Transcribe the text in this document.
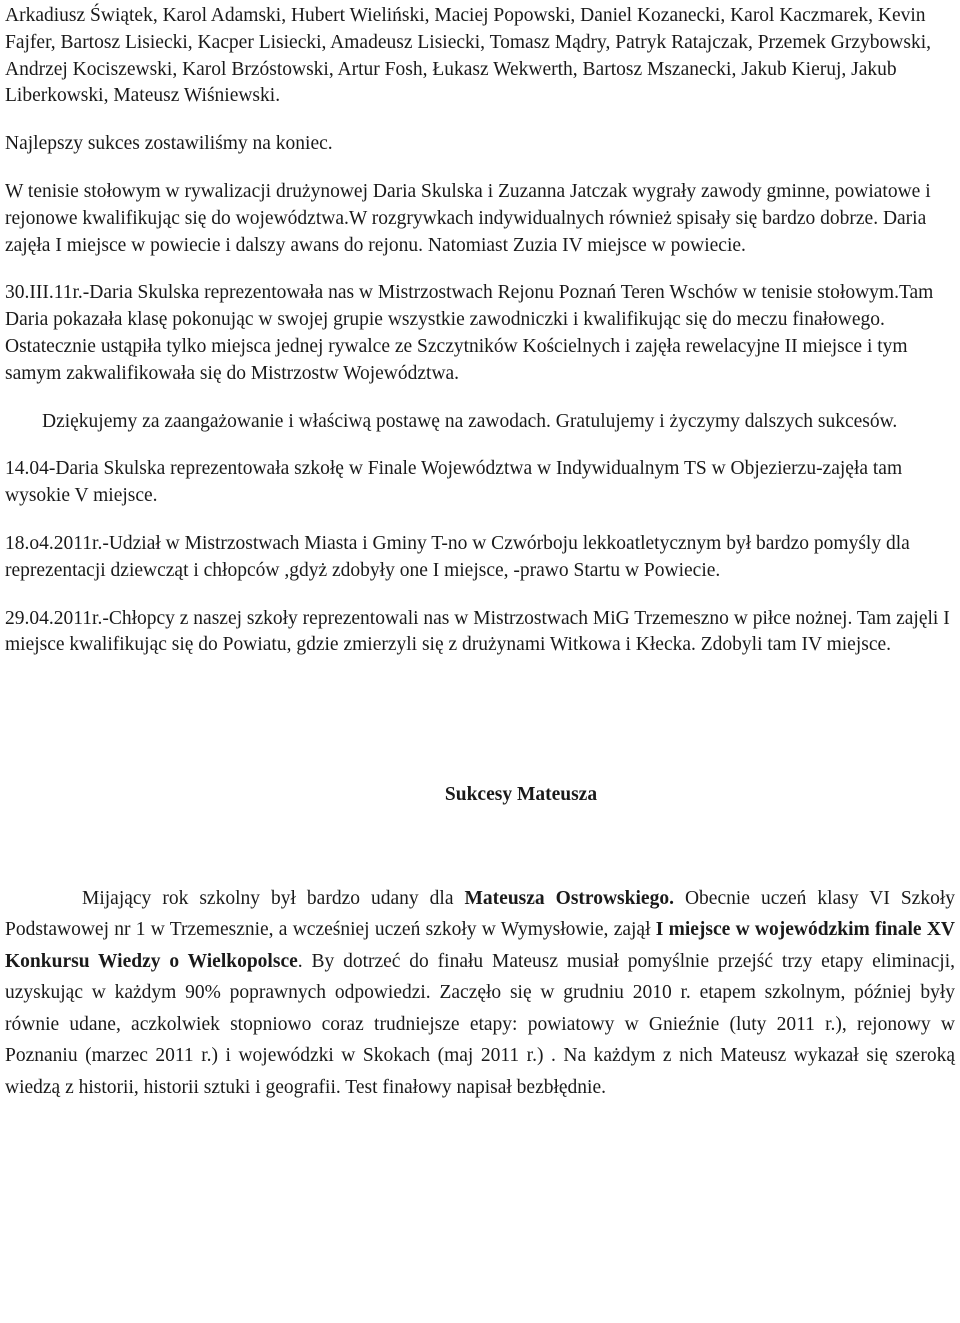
Arkadiusz Świątek, Karol Adamski, Hubert Wieliński, Maciej Popowski, Daniel Kozanecki, Karol Kaczmarek, Kevin Fajfer, Bartosz Lisiecki, Kacper Lisiecki, Amadeusz Lisiecki, Tomasz Mądry, Patryk Ratajczak, Przemek Grzybowski, Andrzej Kociszewski, Karol Brzóstowski, Artur Fosh, Łukasz Wekwerth, Bartosz Mszanecki, Jakub Kieruj, Jakub Liberkowski, Mateusz Wiśniewski.

Najlepszy sukces zostawiliśmy na koniec.

W tenisie stołowym w rywalizacji drużynowej Daria Skulska i Zuzanna Jatczak wygrały zawody gminne, powiatowe i rejonowe kwalifikując się do województwa.W rozgrywkach indywidualnych również spisały się bardzo dobrze. Daria zajęła I miejsce w powiecie i dalszy awans do rejonu. Natomiast Zuzia IV miejsce w powiecie.

30.III.11r.-Daria Skulska reprezentowała nas w Mistrzostwach Rejonu Poznań Teren Wschów w tenisie stołowym.Tam Daria pokazała klasę pokonując w swojej grupie wszystkie zawodniczki i kwalifikując się do meczu finałowego. Ostatecznie ustąpiła tylko miejsca jednej rywalce ze Szczytników Kościelnych i zajęła rewelacyjne II miejsce i tym samym zakwalifikowała się do Mistrzostw Województwa.

Dziękujemy za zaangażowanie i właściwą postawę na zawodach. Gratulujemy i życzymy dalszych sukcesów.

14.04-Daria Skulska reprezentowała szkołę w Finale Województwa w Indywidualnym TS w Objezierzu-zajęła tam wysokie V miejsce.

18.o4.2011r.-Udział w Mistrzostwach Miasta i Gminy T-no w Czwórboju lekkoatletycznym był bardzo pomyśly dla reprezentacji dziewcząt i chłopców ,gdyż zdobyły one I miejsce, -prawo Startu w Powiecie.

29.04.2011r.-Chłopcy z naszej szkoły reprezentowali nas w Mistrzostwach MiG Trzemeszno w piłce nożnej. Tam zajęli I miejsce kwalifikując się do Powiatu, gdzie zmierzyli się z drużynami Witkowa i Kłecka. Zdobyli tam IV miejsce.

Sukcesy Mateusza

Mijający rok szkolny był bardzo udany dla Mateusza Ostrowskiego. Obecnie uczeń klasy VI Szkoły Podstawowej nr 1 w Trzemesznie, a wcześniej uczeń szkoły w Wymysłowie, zajął I miejsce w wojewódzkim finale XV Konkursu Wiedzy o Wielkopolsce. By dotrzeć do finału Mateusz musiał pomyślnie przejść trzy etapy eliminacji, uzyskując w każdym 90% poprawnych odpowiedzi. Zaczęło się w grudniu 2010 r. etapem szkolnym, później były równie udane, aczkolwiek stopniowo coraz trudniejsze etapy: powiatowy w Gnieźnie (luty 2011 r.), rejonowy w Poznaniu (marzec 2011 r.) i wojewódzki w Skokach (maj 2011 r.) . Na każdym z nich Mateusz wykazał się szeroką wiedzą z historii, historii sztuki i geografii. Test finałowy napisał bezbłędnie.
